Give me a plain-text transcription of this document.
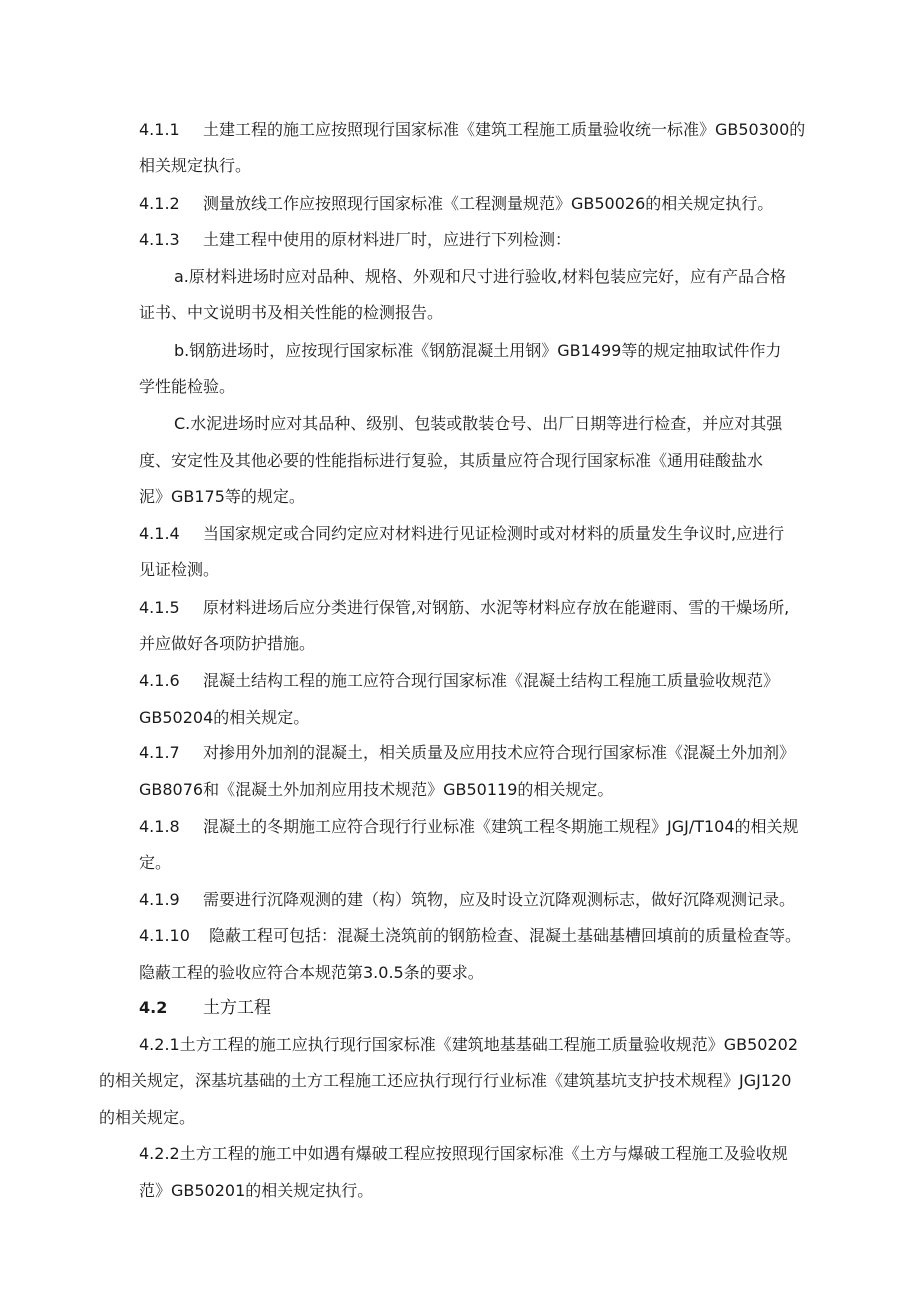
4.1.1 土建工程的施工应按照现行国家标准《建筑工程施工质量验收统一标准》GB50300的
相关规定执行。
4.1.2 测量放线工作应按照现行国家标准《工程测量规范》GB50026的相关规定执行。
4.1.3 土建工程中使用的原材料进厂时，应进行下列检测：
a.原材料进场时应对品种、规格、外观和尺寸进行验收,材料包装应完好，应有产品合格
证书、中文说明书及相关性能的检测报告。
b.钢筋进场时，应按现行国家标准《钢筋混凝土用钢》GB1499等的规定抽取试件作力
学性能检验。
C.水泥进场时应对其品种、级别、包装或散装仓号、出厂日期等进行检查，并应对其强
度、安定性及其他必要的性能指标进行复验，其质量应符合现行国家标准《通用硅酸盐水
泥》GB175等的规定。
4.1.4 当国家规定或合同约定应对材料进行见证检测时或对材料的质量发生争议时,应进行
见证检测。
4.1.5 原材料进场后应分类进行保管,对钢筋、水泥等材料应存放在能避雨、雪的干燥场所,
并应做好各项防护措施。
4.1.6 混凝土结构工程的施工应符合现行国家标准《混凝土结构工程施工质量验收规范》
GB50204的相关规定。
4.1.7 对掺用外加剂的混凝土，相关质量及应用技术应符合现行国家标准《混凝土外加剂》
GB8076和《混凝土外加剂应用技术规范》GB50119的相关规定。
4.1.8 混凝土的冬期施工应符合现行行业标准《建筑工程冬期施工规程》JGJ/T104的相关规
定。
4.1.9 需要进行沉降观测的建（构）筑物，应及时设立沉降观测标志，做好沉降观测记录。
4.1.10 隐蔽工程可包括：混凝土浇筑前的钢筋检查、混凝土基础基槽回填前的质量检查等。
隐蔽工程的验收应符合本规范第3.0.5条的要求。
4.2 土方工程
4.2.1土方工程的施工应执行现行国家标准《建筑地基基础工程施工质量验收规范》GB50202
的相关规定，深基坑基础的土方工程施工还应执行现行行业标准《建筑基坑支护技术规程》JGJ120
的相关规定。
4.2.2土方工程的施工中如遇有爆破工程应按照现行国家标准《土方与爆破工程施工及验收规
范》GB50201的相关规定执行。
